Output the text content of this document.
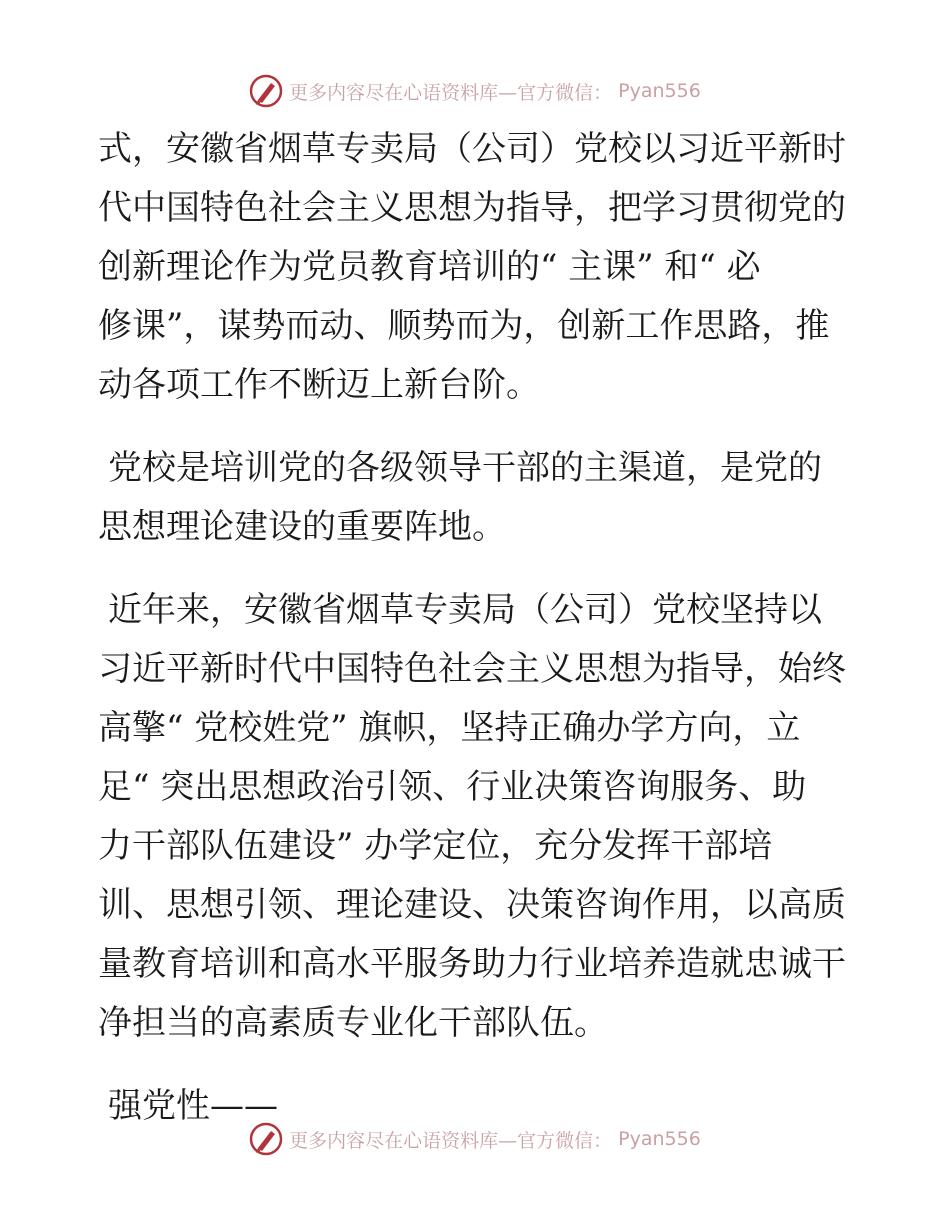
更多内容尽在心语资料库—官方微信： Pyan556
式，安徽省烟草专卖局（公司）党校以习近平新时
代中国特色社会主义思想为指导，把学习贯彻党的
创新理论作为党员教育培训的“ 主课” 和“ 必
修课”，谋势而动、顺势而为，创新工作思路，推
动各项工作不断迈上新台阶。
党校是培训党的各级领导干部的主渠道，是党的
思想理论建设的重要阵地。
近年来，安徽省烟草专卖局（公司）党校坚持以
习近平新时代中国特色社会主义思想为指导，始终
高擎“ 党校姓党” 旗帜，坚持正确办学方向，立
足“ 突出思想政治引领、行业决策咨询服务、助
力干部队伍建设” 办学定位，充分发挥干部培
训、思想引领、理论建设、决策咨询作用，以高质
量教育培训和高水平服务助力行业培养造就忠诚干
净担当的高素质专业化干部队伍。
强党性——
更多内容尽在心语资料库—官方微信： Pyan556
